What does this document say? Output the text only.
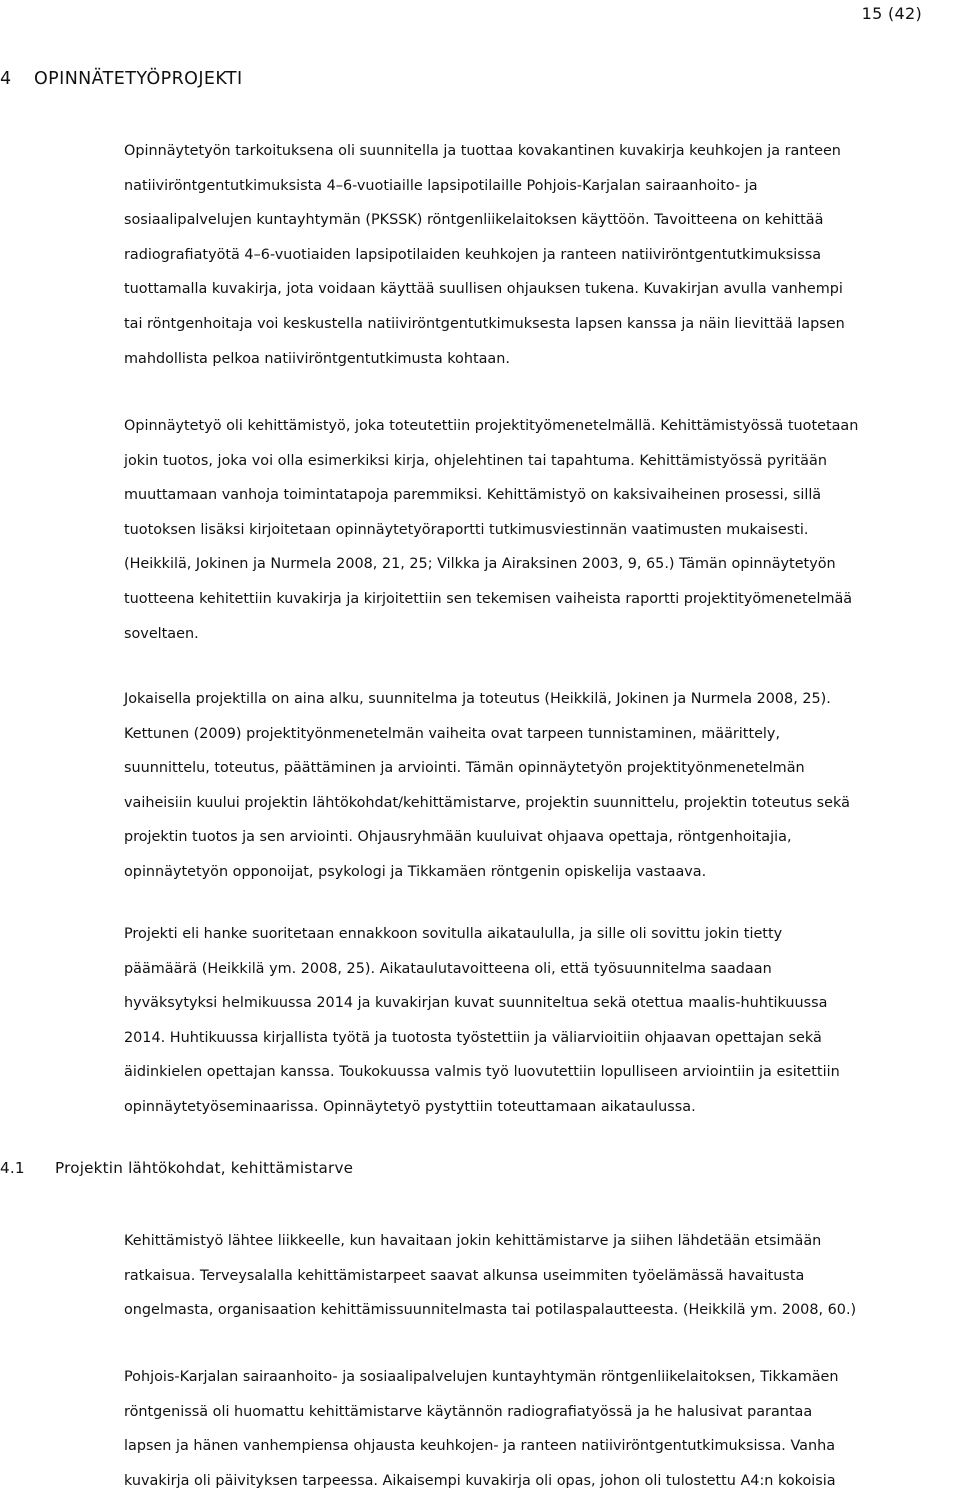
15 (42)
4 OPINNÄTETYÖPROJEKTI

Opinnäytetyön tarkoituksena oli suunnitella ja tuottaa kovakantinen kuvakirja keuhkojen ja ranteen

natiiviröntgentutkimuksista 4–6-vuotiaille lapsipotilaille Pohjois-Karjalan sairaanhoito- ja

sosiaalipalvelujen kuntayhtymän (PKSSK) röntgenliikelaitoksen käyttöön. Tavoitteena on kehittää

radiografiatyötä 4–6-vuotiaiden lapsipotilaiden keuhkojen ja ranteen natiiviröntgentutkimuksissa

tuottamalla kuvakirja, jota voidaan käyttää suullisen ohjauksen tukena. Kuvakirjan avulla vanhempi

tai röntgenhoitaja voi keskustella natiiviröntgentutkimuksesta lapsen kanssa ja näin lievittää lapsen

mahdollista pelkoa natiiviröntgentutkimusta kohtaan.

Opinnäytetyö oli kehittämistyö, joka toteutettiin projektityömenetelmällä. Kehittämistyössä tuotetaan

jokin tuotos, joka voi olla esimerkiksi kirja, ohjelehtinen tai tapahtuma. Kehittämistyössä pyritään

muuttamaan vanhoja toimintatapoja paremmiksi. Kehittämistyö on kaksivaiheinen prosessi, sillä

tuotoksen lisäksi kirjoitetaan opinnäytetyöraportti tutkimusviestinnän vaatimusten mukaisesti.

(Heikkilä, Jokinen ja Nurmela 2008, 21, 25; Vilkka ja Airaksinen 2003, 9, 65.) Tämän opinnäytetyön

tuotteena kehitettiin kuvakirja ja kirjoitettiin sen tekemisen vaiheista raportti projektityömenetelmää

soveltaen.

Jokaisella projektilla on aina alku, suunnitelma ja toteutus (Heikkilä, Jokinen ja Nurmela 2008, 25).

Kettunen (2009) projektityönmenetelmän vaiheita ovat tarpeen tunnistaminen, määrittely,

suunnittelu, toteutus, päättäminen ja arviointi. Tämän opinnäytetyön projektityönmenetelmän

vaiheisiin kuului projektin lähtökohdat/kehittämistarve, projektin suunnittelu, projektin toteutus sekä

projektin tuotos ja sen arviointi. Ohjausryhmään kuuluivat ohjaava opettaja, röntgenhoitajia,

opinnäytetyön opponoijat, psykologi ja Tikkamäen röntgenin opiskelija vastaava.

Projekti eli hanke suoritetaan ennakkoon sovitulla aikataululla, ja sille oli sovittu jokin tietty

päämäärä (Heikkilä ym. 2008, 25). Aikataulutavoitteena oli, että työsuunnitelma saadaan

hyväksytyksi helmikuussa 2014 ja kuvakirjan kuvat suunniteltua sekä otettua maalis-huhtikuussa

2014. Huhtikuussa kirjallista työtä ja tuotosta työstettiin ja väliarvioitiin ohjaavan opettajan sekä

äidinkielen opettajan kanssa. Toukokuussa valmis työ luovutettiin lopulliseen arviointiin ja esitettiin

opinnäytetyöseminaarissa. Opinnäytetyö pystyttiin toteuttamaan aikataulussa.

4.1 Projektin lähtökohdat, kehittämistarve

Kehittämistyö lähtee liikkeelle, kun havaitaan jokin kehittämistarve ja siihen lähdetään etsimään

ratkaisua. Terveysalalla kehittämistarpeet saavat alkunsa useimmiten työelämässä havaitusta

ongelmasta, organisaation kehittämissuunnitelmasta tai potilaspalautteesta. (Heikkilä ym. 2008, 60.)

Pohjois-Karjalan sairaanhoito- ja sosiaalipalvelujen kuntayhtymän röntgenliikelaitoksen, Tikkamäen

röntgenissä oli huomattu kehittämistarve käytännön radiografiatyössä ja he halusivat parantaa

lapsen ja hänen vanhempiensa ohjausta keuhkojen- ja ranteen natiiviröntgentutkimuksissa. Vanha

kuvakirja oli päivityksen tarpeessa. Aikaisempi kuvakirja oli opas, johon oli tulostettu A4:n kokoisia
